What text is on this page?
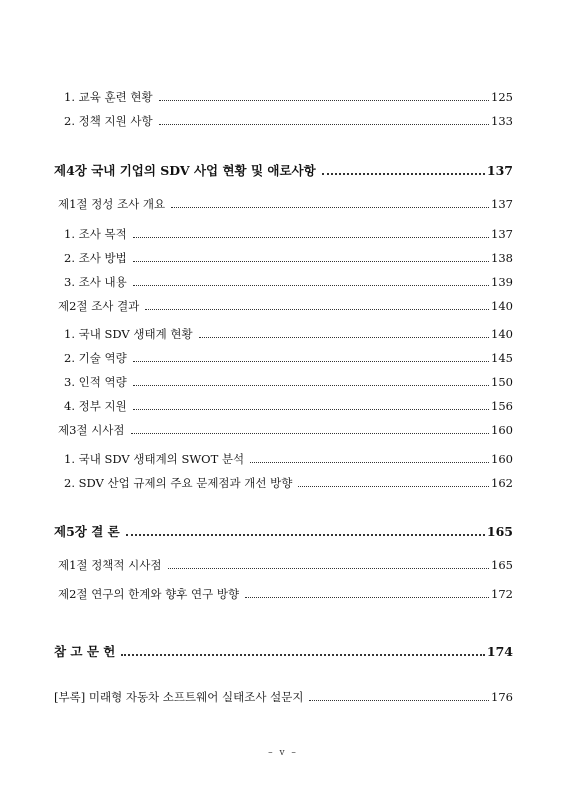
1. 교육 훈련 현황	125
2. 정책 지원 사항	133
제4장 국내 기업의 SDV 사업 현황 및 애로사항	137
제1절 정성 조사 개요	137
1. 조사 목적	137
2. 조사 방법	138
3. 조사 내용	139
제2절 조사 결과	140
1. 국내 SDV 생태계 현황	140
2. 기술 역량	145
3. 인적 역량	150
4. 정부 지원	156
제3절 시사점	160
1. 국내 SDV 생태계의 SWOT 분석	160
2. SDV 산업 규제의 주요 문제점과 개선 방향	162
제5장 결 론	165
제1절 정책적 시사점	165
제2절 연구의 한계와 향후 연구 방향	172
참 고 문 헌	174
[부록] 미래형 자동차 소프트웨어 실태조사 설문지	176
– v –
